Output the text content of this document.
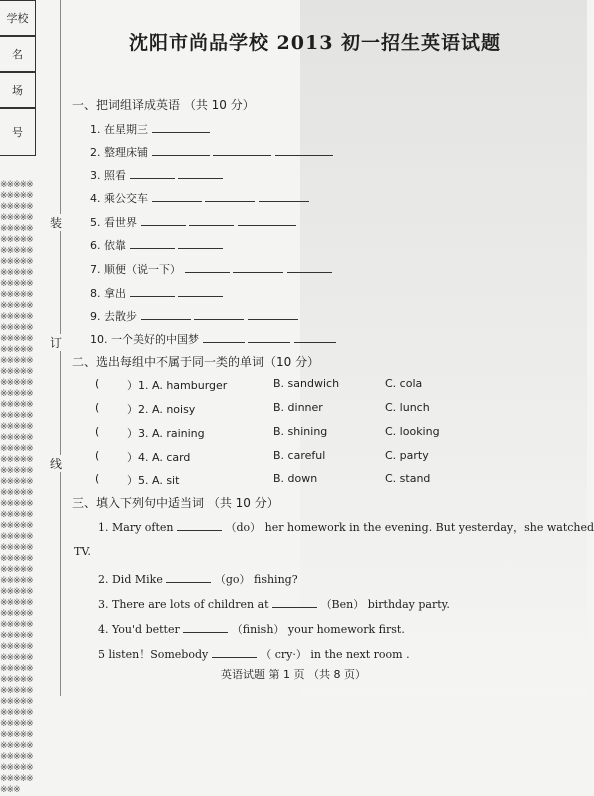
学校
名
场
号
※※※※※※※※※※※※※※※※※※※※※※※※※※※※※※※※※※※※※※※※※※※※※※※※※※※※※※※※※※※※※※※※※※※※※※※※※※※※※※※※※※※※※※※※※※※※※※※※※※※※※※※※※※※※※※※※※※※※※※※※※※※※※※※※※※※※※※※※※※※※※※※※※※※※※※※※※※※※※※※※※※※※※※※※※※※※※※※※※※※※※※※※※※※※※※※※※※※※※※※※※※※※※※※※※※※※※※※※※※※※※※※※※※※※※※※※※※※※※※※※※※※※※※※※※※※※※※※※※※※※※※※※※※※※※※※※※※※※※※
装
订
线
沈阳市尚品学校 2013 初一招生英语试题
一、把词组译成英语 （共 10 分）
1. 在星期三
2. 整理床铺
3. 照看
4. 乘公交车
5. 看世界
6. 依靠
7. 顺便（说一下）
8. 拿出
9. 去散步
10. 一个美好的中国梦
二、选出每组中不属于同一类的单词（10 分）
(	）1. A. hamburger	B. sandwich	C. cola
(	）2. A. noisy	B. dinner	C. lunch
(	）3. A. raining	B. shining	C. looking
(	）4. A. card	B. careful	C. party
(	）5. A. sit	B. down	C. stand
三、填入下列句中适当词 （共 10 分）
1. Mary often	（do） her homework in the evening. But yesterday，she watched
TV.
2. Did Mike	（go） fishing?
3. There are lots of children at	（Ben） birthday party.
4. You'd better	（finish） your homework first.
5 listen！Somebody	（ cry·） in the next room .
英语试题 第 1 页 （共 8 页）
